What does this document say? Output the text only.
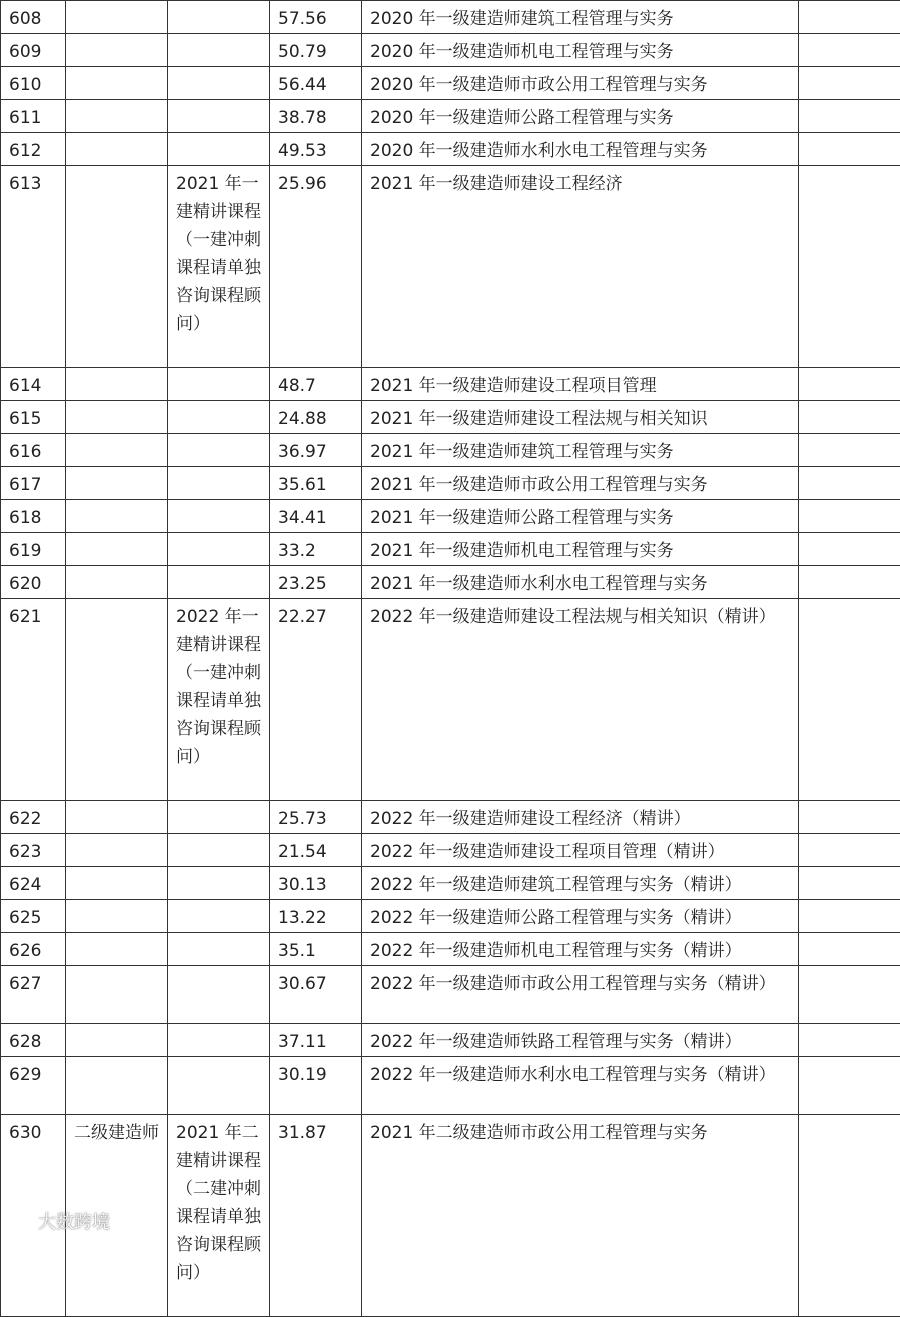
608			57.56	2020 年一级建造师建筑工程管理与实务	
609			50.79	2020 年一级建造师机电工程管理与实务	
610			56.44	2020 年一级建造师市政公用工程管理与实务	
611			38.78	2020 年一级建造师公路工程管理与实务	
612			49.53	2020 年一级建造师水利水电工程管理与实务	
613		2021 年一建精讲课程（一建冲刺课程请单独咨询课程顾问）	25.96	2021 年一级建造师建设工程经济	
614			48.7	2021 年一级建造师建设工程项目管理	
615			24.88	2021 年一级建造师建设工程法规与相关知识	
616			36.97	2021 年一级建造师建筑工程管理与实务	
617			35.61	2021 年一级建造师市政公用工程管理与实务	
618			34.41	2021 年一级建造师公路工程管理与实务	
619			33.2	2021 年一级建造师机电工程管理与实务	
620			23.25	2021 年一级建造师水利水电工程管理与实务	
621		2022 年一建精讲课程（一建冲刺课程请单独咨询课程顾问）	22.27	2022 年一级建造师建设工程法规与相关知识（精讲）	
622			25.73	2022 年一级建造师建设工程经济（精讲）	
623			21.54	2022 年一级建造师建设工程项目管理（精讲）	
624			30.13	2022 年一级建造师建筑工程管理与实务（精讲）	
625			13.22	2022 年一级建造师公路工程管理与实务（精讲）	
626			35.1	2022 年一级建造师机电工程管理与实务（精讲）	
627			30.67	2022 年一级建造师市政公用工程管理与实务（精讲）	
628			37.11	2022 年一级建造师铁路工程管理与实务（精讲）	
629			30.19	2022 年一级建造师水利水电工程管理与实务（精讲）	
630	二级建造师	2021 年二建精讲课程（二建冲刺课程请单独咨询课程顾问）	31.87	2021 年二级建造师市政公用工程管理与实务	
大数跨境
